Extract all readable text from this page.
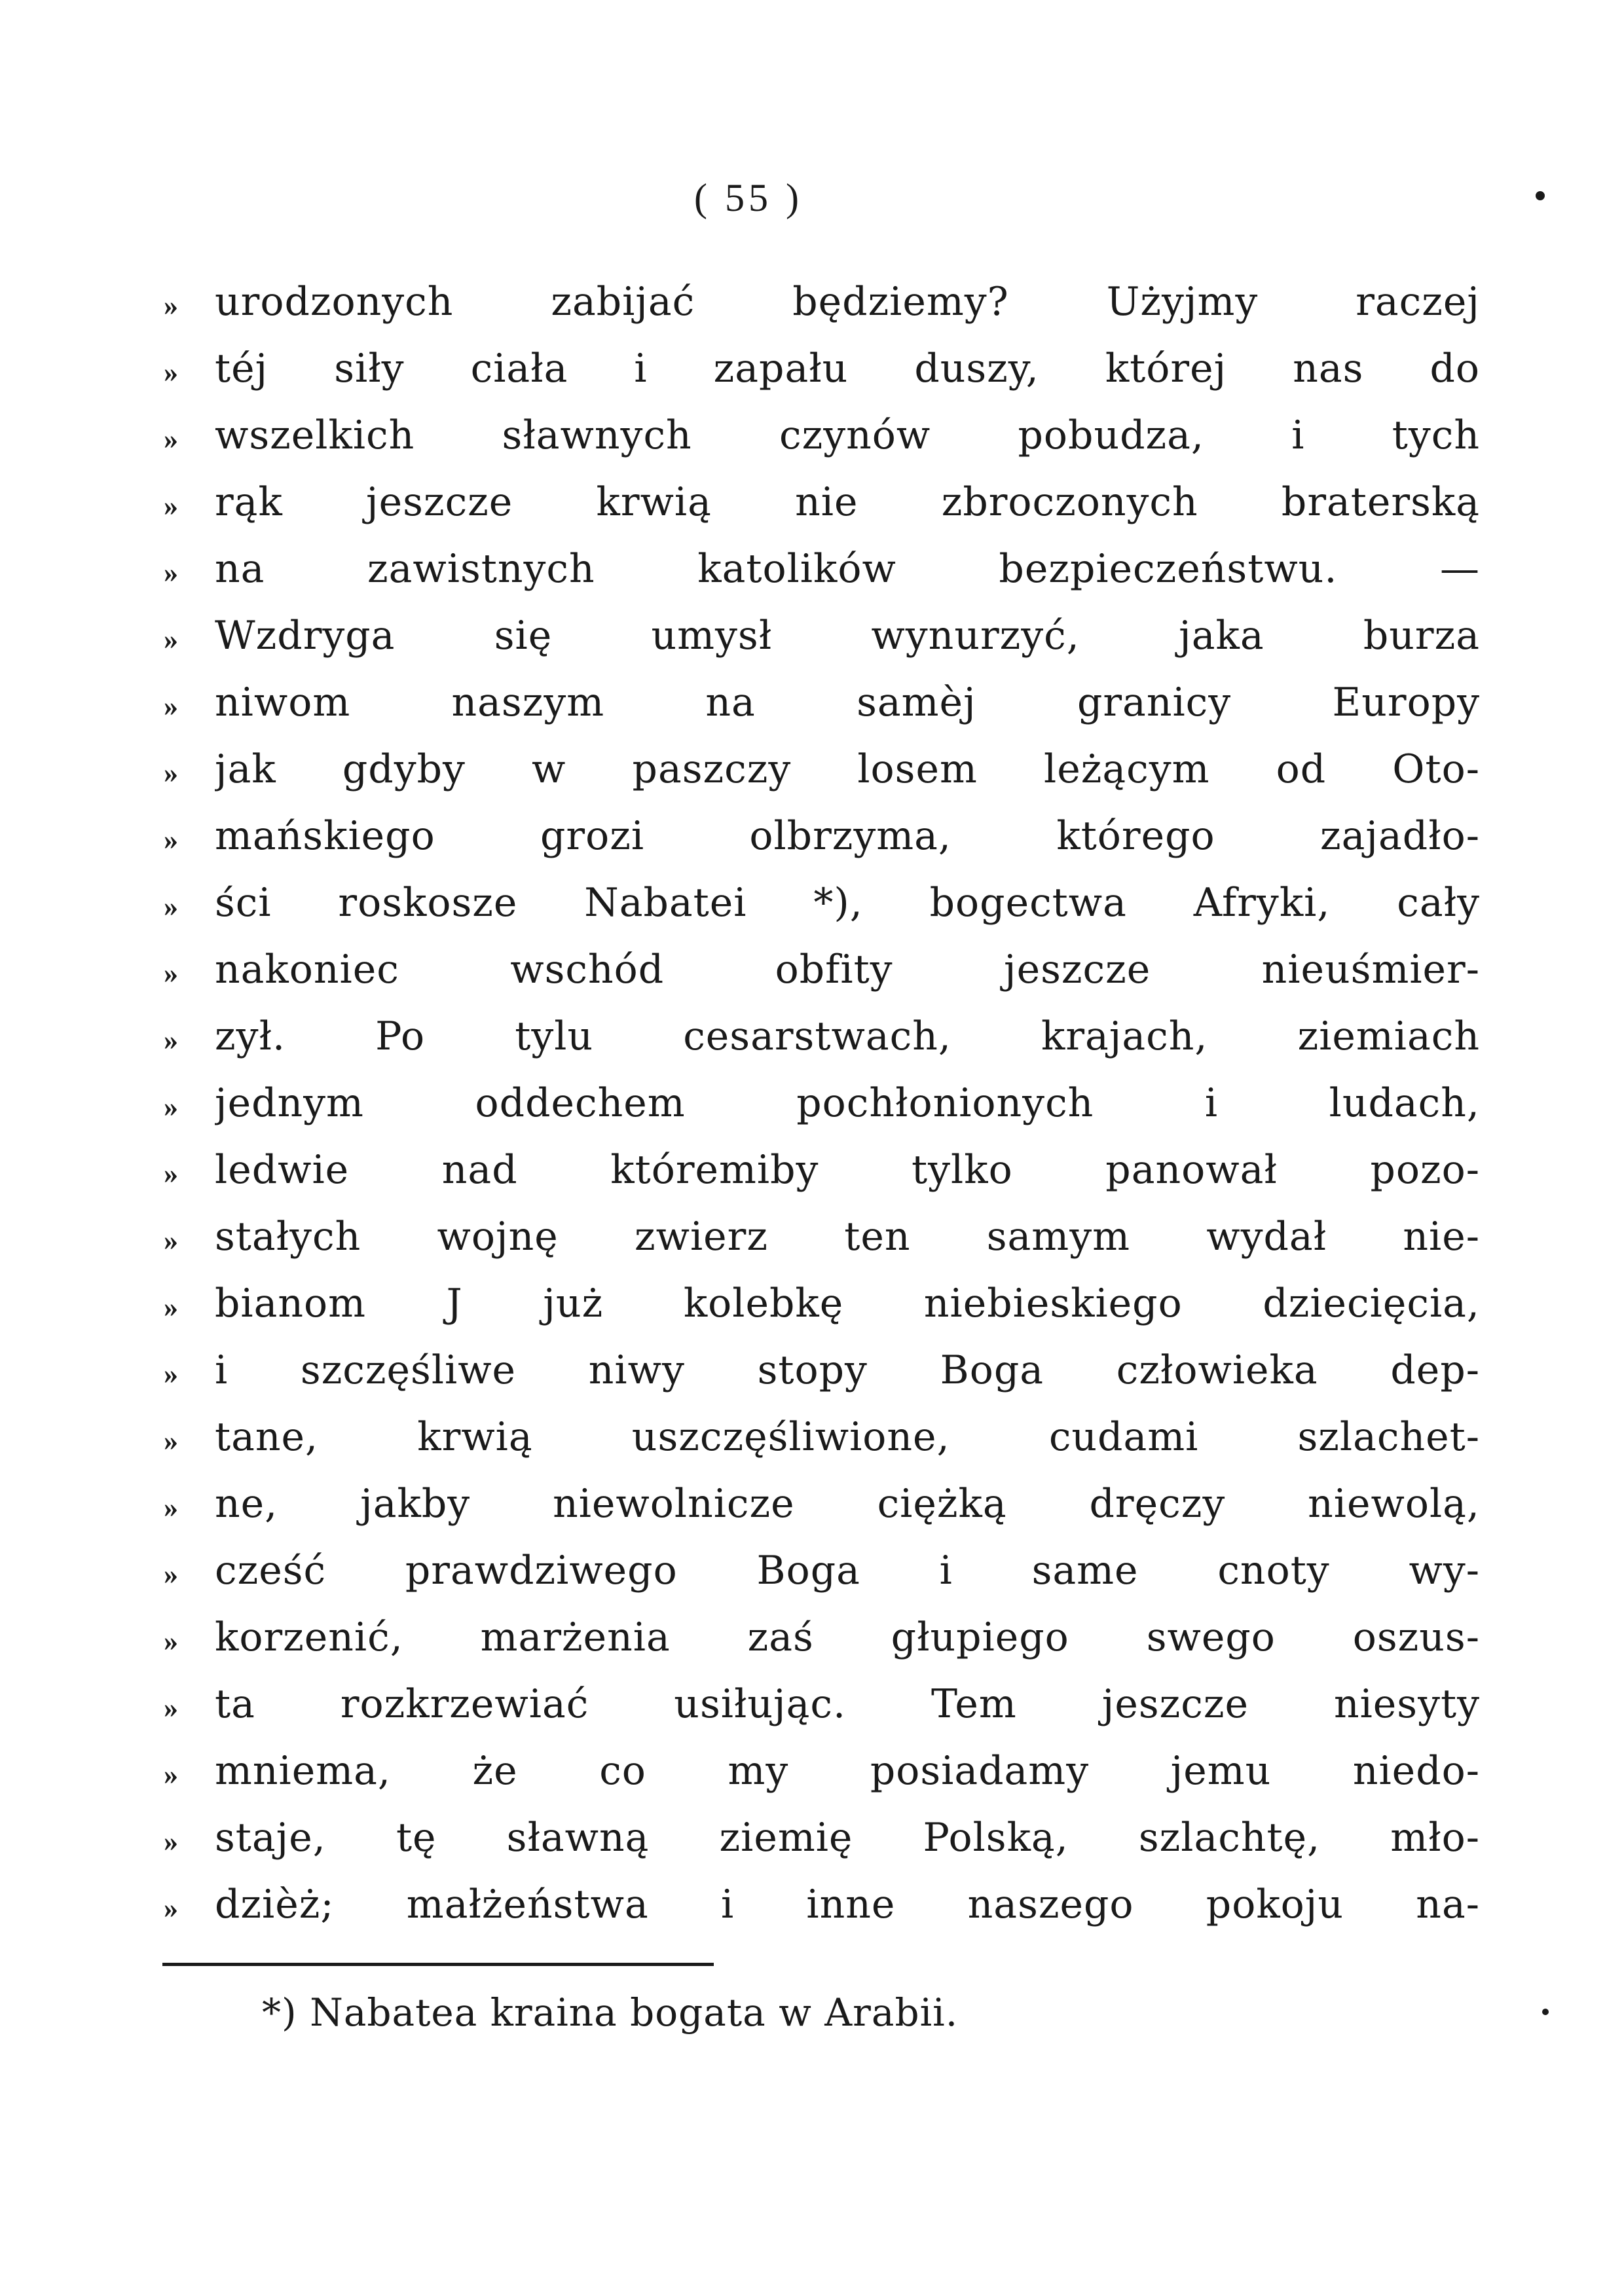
( 55 )
» urodzonych zabijać będziemy? Użyjmy raczej
» téj siły ciała i zapału duszy, której nas do
» wszelkich sławnych czynów pobudza, i tych
» rąk jeszcze krwią nie zbroczonych braterską
» na zawistnych katolików bezpieczeństwu. —
» Wzdryga się umysł wynurzyć, jaka burza
» niwom naszym na samèj granicy Europy
» jak gdyby w paszczy losem leżącym od Oto-
» mańskiego grozi olbrzyma, którego zajadło-
» ści roskosze Nabatei *), bogectwa Afryki, cały
» nakoniec wschód obfity jeszcze nieuśmier-
» zył. Po tylu cesarstwach, krajach, ziemiach
» jednym oddechem pochłonionych i ludach,
» ledwie nad któremiby tylko panował pozo-
» stałych wojnę zwierz ten samym wydał nie-
» bianom J już kolebkę niebieskiego dziecięcia,
» i szczęśliwe niwy stopy Boga człowieka dep-
» tane, krwią uszczęśliwione, cudami szlachet-
» ne, jakby niewolnicze ciężką dręczy niewolą,
» cześć prawdziwego Boga i same cnoty wy-
» korzenić, marżenia zaś głupiego swego oszus-
» ta rozkrzewiać usiłując. Tem jeszcze niesyty
» mniema, że co my posiadamy jemu niedo-
» staje, tę sławną ziemię Polską, szlachtę, mło-
» dzièż; małżeństwa i inne naszego pokoju na-
*) Nabatea kraina bogata w Arabii.
